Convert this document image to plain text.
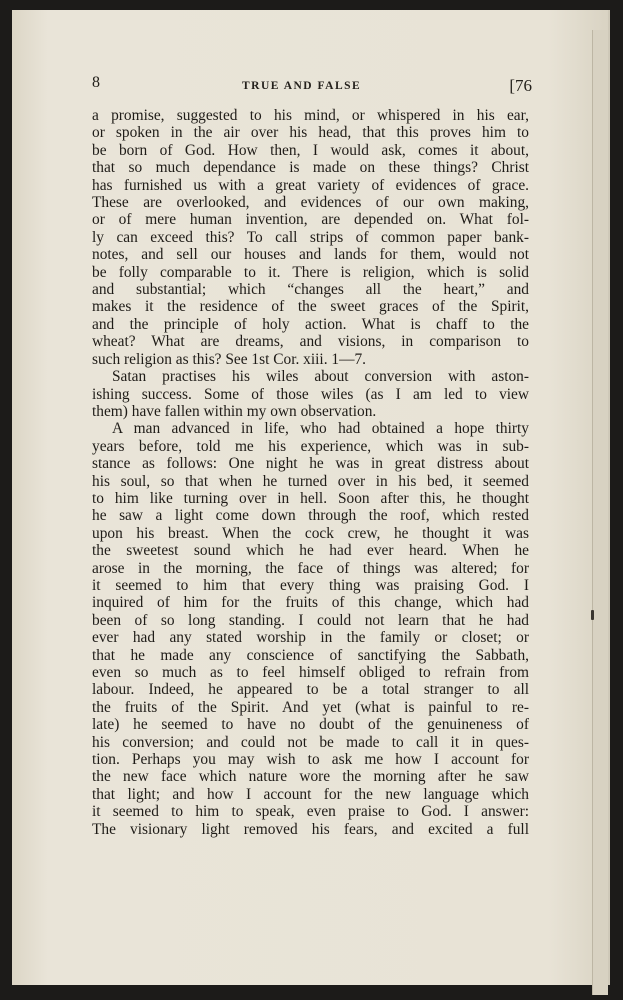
8	TRUE AND FALSE	[76
a promise, suggested to his mind, or whispered in his ear,
or spoken in the air over his head, that this proves him to
be born of God. How then, I would ask, comes it about,
that so much dependance is made on these things? Christ
has furnished us with a great variety of evidences of grace.
These are overlooked, and evidences of our own making,
or of mere human invention, are depended on. What fol-
ly can exceed this? To call strips of common paper bank-
notes, and sell our houses and lands for them, would not
be folly comparable to it. There is religion, which is solid
and substantial; which “changes all the heart,” and
makes it the residence of the sweet graces of the Spirit,
and the principle of holy action. What is chaff to the
wheat? What are dreams, and visions, in comparison to
such religion as this? See 1st Cor. xiii. 1—7.
Satan practises his wiles about conversion with aston-
ishing success. Some of those wiles (as I am led to view
them) have fallen within my own observation.
A man advanced in life, who had obtained a hope thirty
years before, told me his experience, which was in sub-
stance as follows: One night he was in great distress about
his soul, so that when he turned over in his bed, it seemed
to him like turning over in hell. Soon after this, he thought
he saw a light come down through the roof, which rested
upon his breast. When the cock crew, he thought it was
the sweetest sound which he had ever heard. When he
arose in the morning, the face of things was altered; for
it seemed to him that every thing was praising God. I
inquired of him for the fruits of this change, which had
been of so long standing. I could not learn that he had
ever had any stated worship in the family or closet; or
that he made any conscience of sanctifying the Sabbath,
even so much as to feel himself obliged to refrain from
labour. Indeed, he appeared to be a total stranger to all
the fruits of the Spirit. And yet (what is painful to re-
late) he seemed to have no doubt of the genuineness of
his conversion; and could not be made to call it in ques-
tion. Perhaps you may wish to ask me how I account for
the new face which nature wore the morning after he saw
that light; and how I account for the new language which
it seemed to him to speak, even praise to God. I answer:
The visionary light removed his fears, and excited a full
